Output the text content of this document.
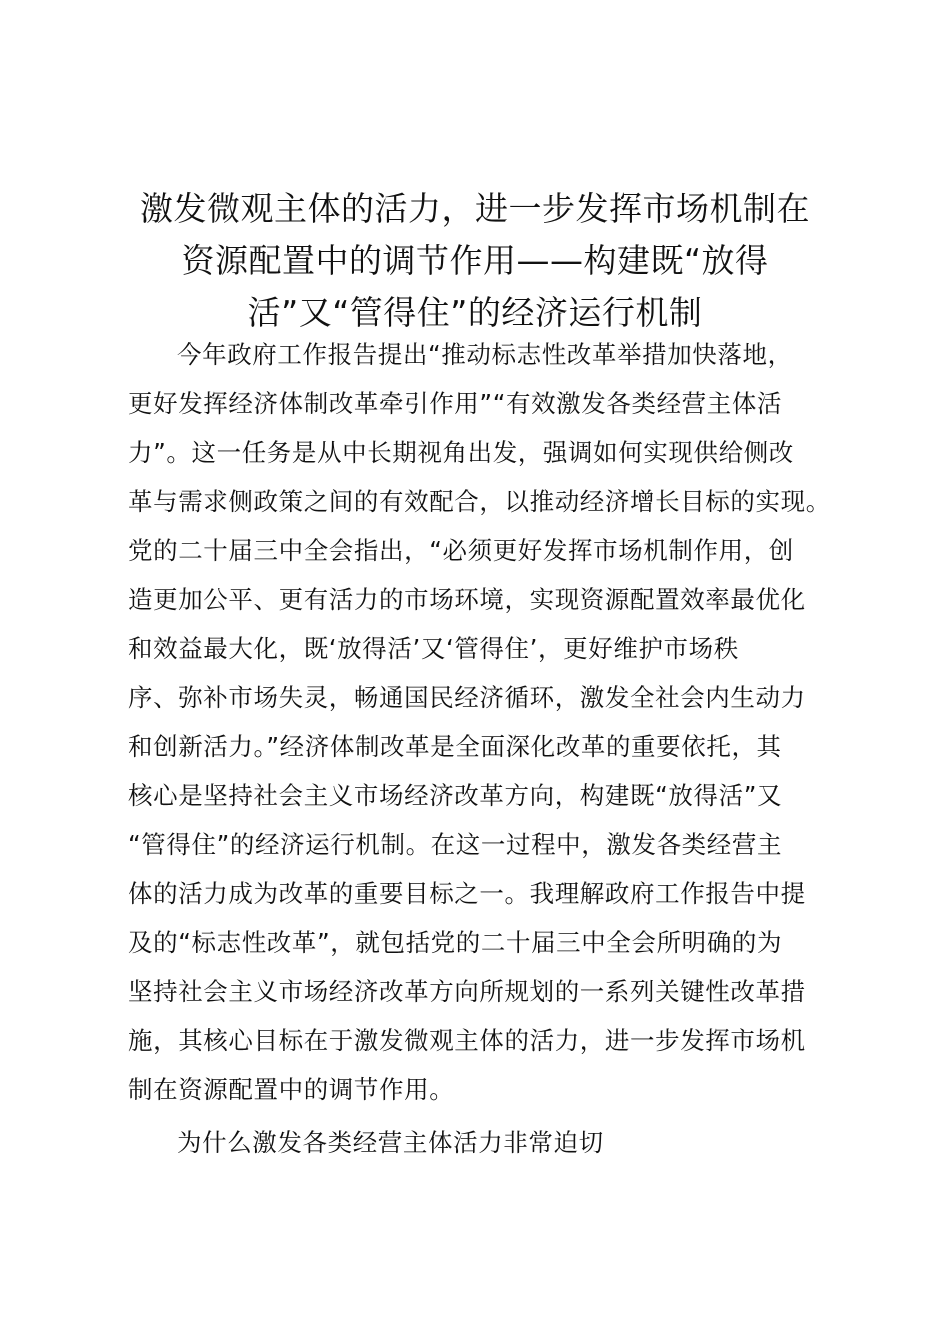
激发微观主体的活力，进一步发挥市场机制在
资源配置中的调节作用——构建既“放得
活”又“管得住”的经济运行机制
今年政府工作报告提出“推动标志性改革举措加快落地，
更好发挥经济体制改革牵引作用”“有效激发各类经营主体活
力”。这一任务是从中长期视角出发，强调如何实现供给侧改
革与需求侧政策之间的有效配合，以推动经济增长目标的实现。
党的二十届三中全会指出，“必须更好发挥市场机制作用，创
造更加公平、更有活力的市场环境，实现资源配置效率最优化
和效益最大化，既‘放得活’又‘管得住’，更好维护市场秩
序、弥补市场失灵，畅通国民经济循环，激发全社会内生动力
和创新活力。”经济体制改革是全面深化改革的重要依托，其
核心是坚持社会主义市场经济改革方向，构建既“放得活”又
“管得住”的经济运行机制。在这一过程中，激发各类经营主
体的活力成为改革的重要目标之一。我理解政府工作报告中提
及的“标志性改革”，就包括党的二十届三中全会所明确的为
坚持社会主义市场经济改革方向所规划的一系列关键性改革措
施，其核心目标在于激发微观主体的活力，进一步发挥市场机
制在资源配置中的调节作用。
为什么激发各类经营主体活力非常迫切
